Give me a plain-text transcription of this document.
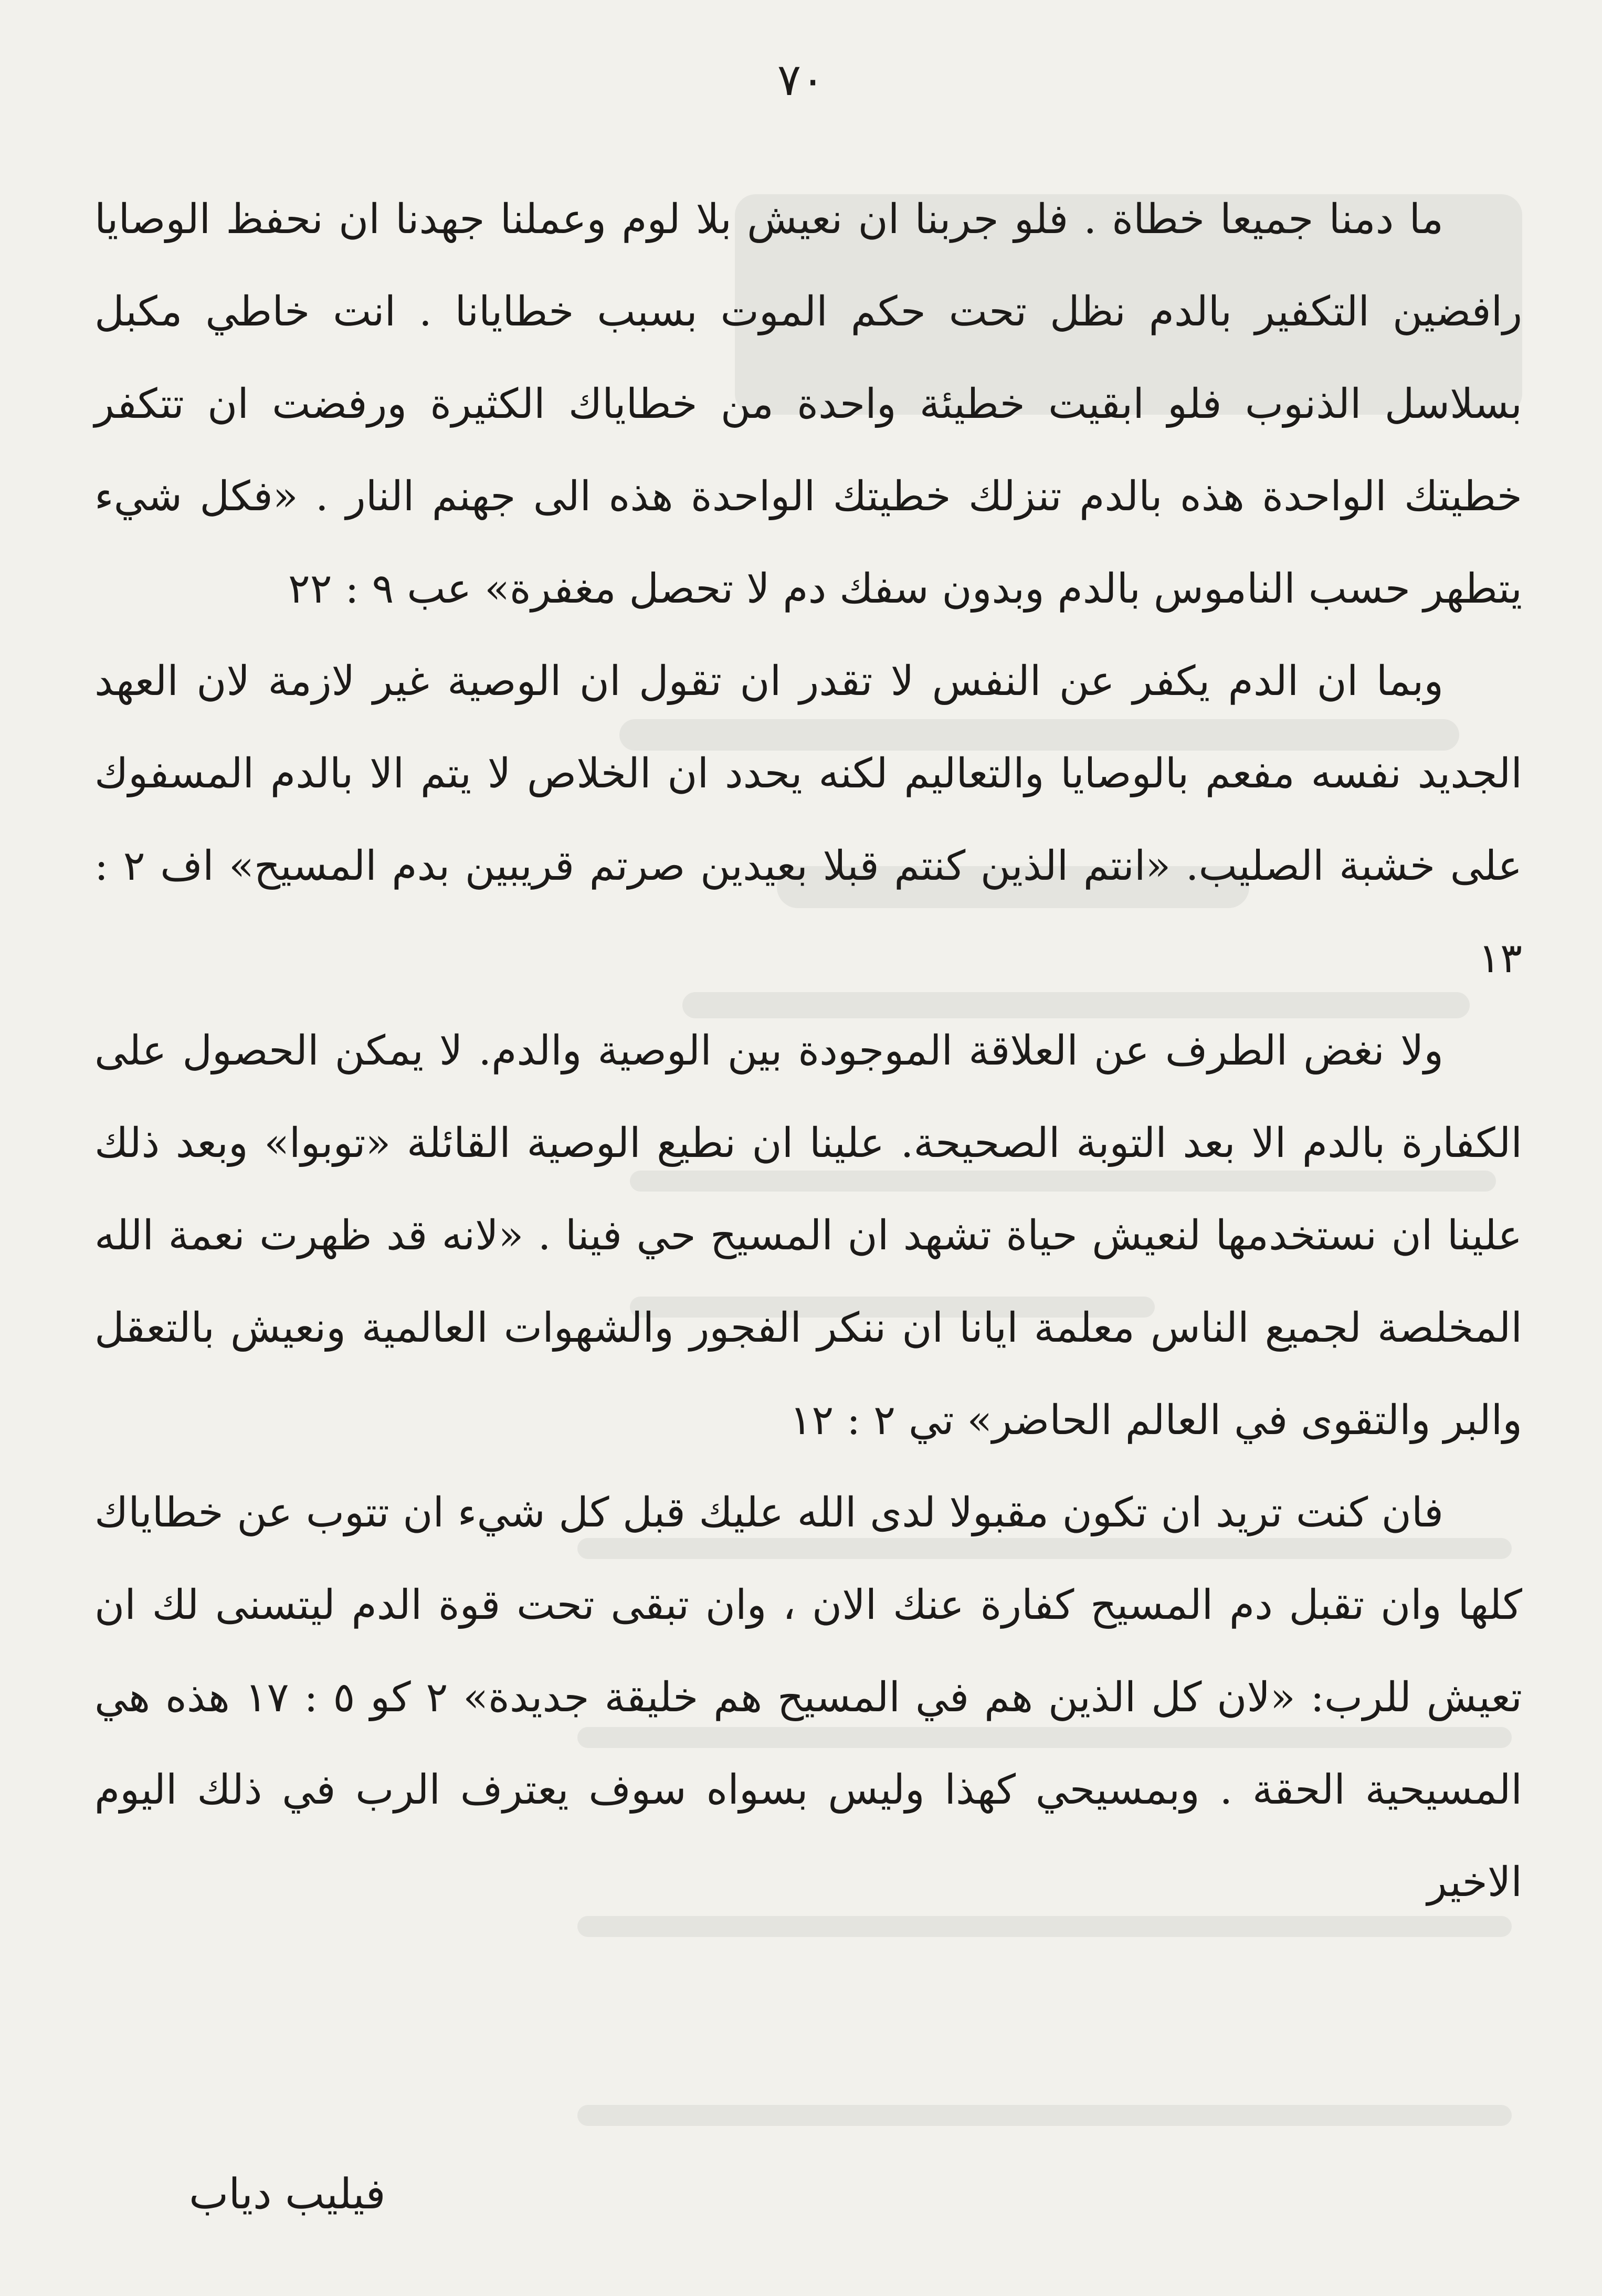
٧٠

ما دمنا جميعا خطاة . فلو جربنا ان نعيش بلا لوم وعملنا جهدنا ان نحفظ الوصايا رافضين التكفير بالدم نظل تحت حكم الموت بسبب خطايانا . انت خاطي مكبل بسلاسل الذنوب فلو ابقيت خطيئة واحدة من خطاياك الكثيرة ورفضت ان تتكفر خطيتك الواحدة هذه بالدم تنزلك خطيتك الواحدة هذه الى جهنم النار . «فكل شيء يتطهر حسب الناموس بالدم وبدون سفك دم لا تحصل مغفرة» عب ٩ : ٢٢

وبما ان الدم يكفر عن النفس لا تقدر ان تقول ان الوصية غير لازمة لان العهد الجديد نفسه مفعم بالوصايا والتعاليم لكنه يحدد ان الخلاص لا يتم الا بالدم المسفوك على خشبة الصليب. «انتم الذين كنتم قبلا بعيدين صرتم قريبين بدم المسيح» اف ٢ : ١٣

ولا نغض الطرف عن العلاقة الموجودة بين الوصية والدم. لا يمكن الحصول على الكفارة بالدم الا بعد التوبة الصحيحة. علينا ان نطيع الوصية القائلة «توبوا» وبعد ذلك علينا ان نستخدمها لنعيش حياة تشهد ان المسيح حي فينا . «لانه قد ظهرت نعمة الله المخلصة لجميع الناس معلمة ايانا ان ننكر الفجور والشهوات العالمية ونعيش بالتعقل والبر والتقوى في العالم الحاضر» تي ٢ : ١٢

فان كنت تريد ان تكون مقبولا لدى الله عليك قبل كل شيء ان تتوب عن خطاياك كلها وان تقبل دم المسيح كفارة عنك الان ، وان تبقى تحت قوة الدم ليتسنى لك ان تعيش للرب: «لان كل الذين هم في المسيح هم خليقة جديدة» ٢ كو ٥ : ١٧ هذه هي المسيحية الحقة . وبمسيحي كهذا وليس بسواه سوف يعترف الرب في ذلك اليوم الاخير

فيليب دياب
